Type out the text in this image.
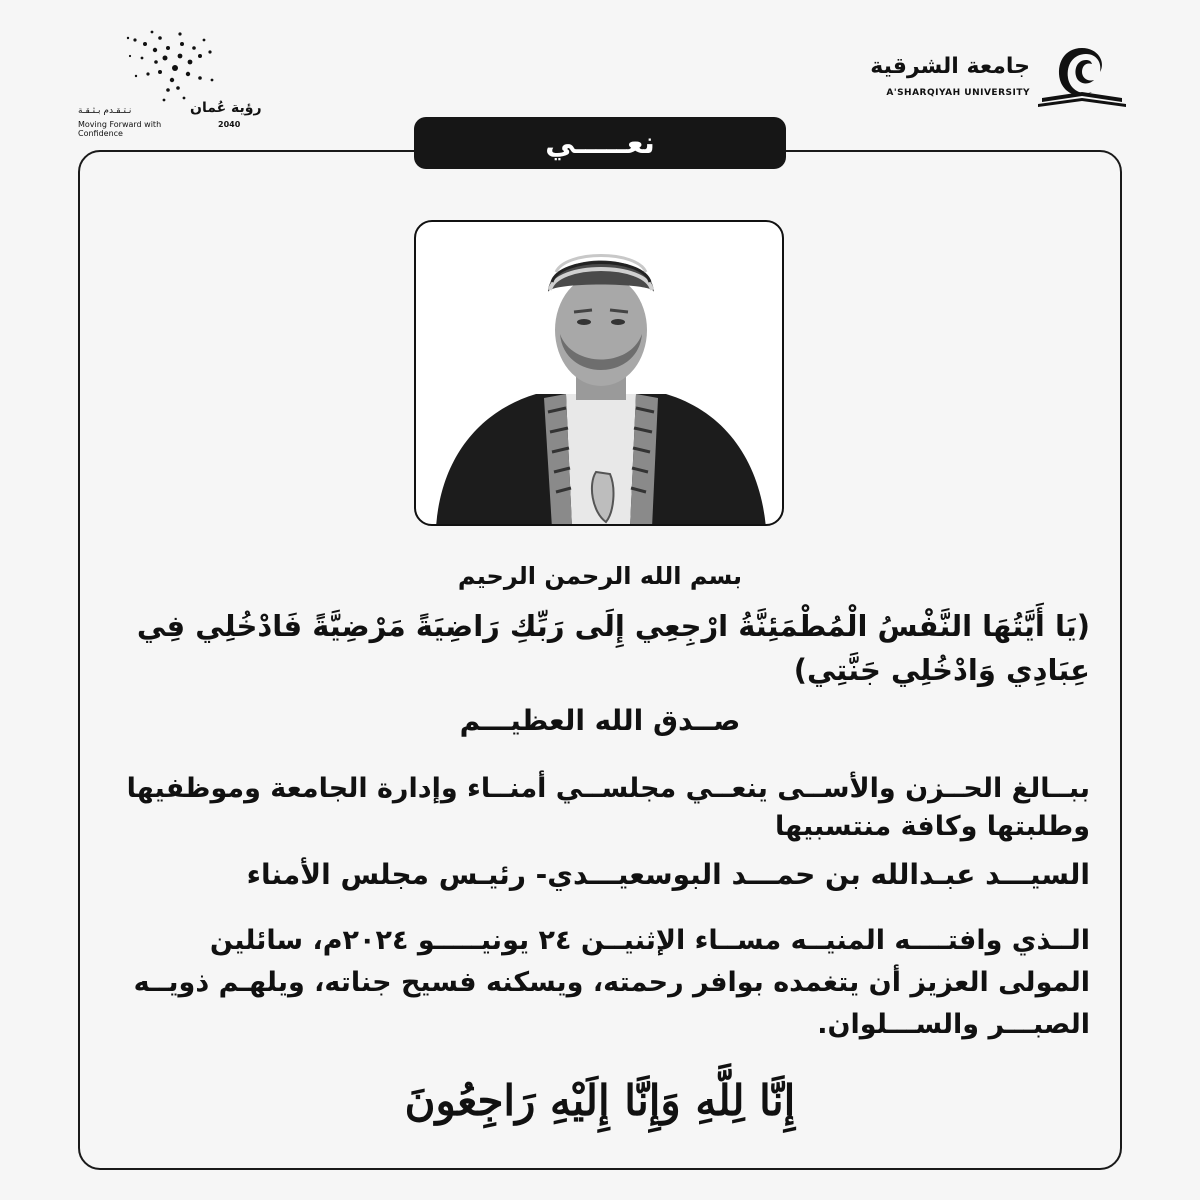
رؤية عُمان
2040
نـتـقـدم بـثـقـة
Moving Forward with Confidence
جامعة الشرقية
A'SHARQIYAH UNIVERSITY
نعـــــي
بسم الله الرحمن الرحيم
(يَا أَيَّتُهَا النَّفْسُ الْمُطْمَئِنَّةُ ارْجِعِي إِلَى رَبِّكِ رَاضِيَةً مَرْضِيَّةً فَادْخُلِي فِي عِبَادِي وَادْخُلِي جَنَّتِي)
صــدق الله العظيـــم
ببــالغ الحــزن والأســى ينعــي مجلســي أمنــاء وإدارة الجامعة وموظفيها وطلبتها وكافة منتسبيها
السيـــد عبـدالله بن حمـــد البوسعيـــدي- رئيـس مجلس الأمناء
الــذي وافتــــه المنيــه مســاء الإثنيــن ٢٤ يونيـــــو ٢٠٢٤م، سائلين المولى العزيز أن يتغمده بوافر رحمته، ويسكنه فسيح جناته، ويلهـم ذويــه الصبـــر والســـلوان.
إِنَّا لِلَّهِ وَإِنَّا إِلَيْهِ رَاجِعُونَ
